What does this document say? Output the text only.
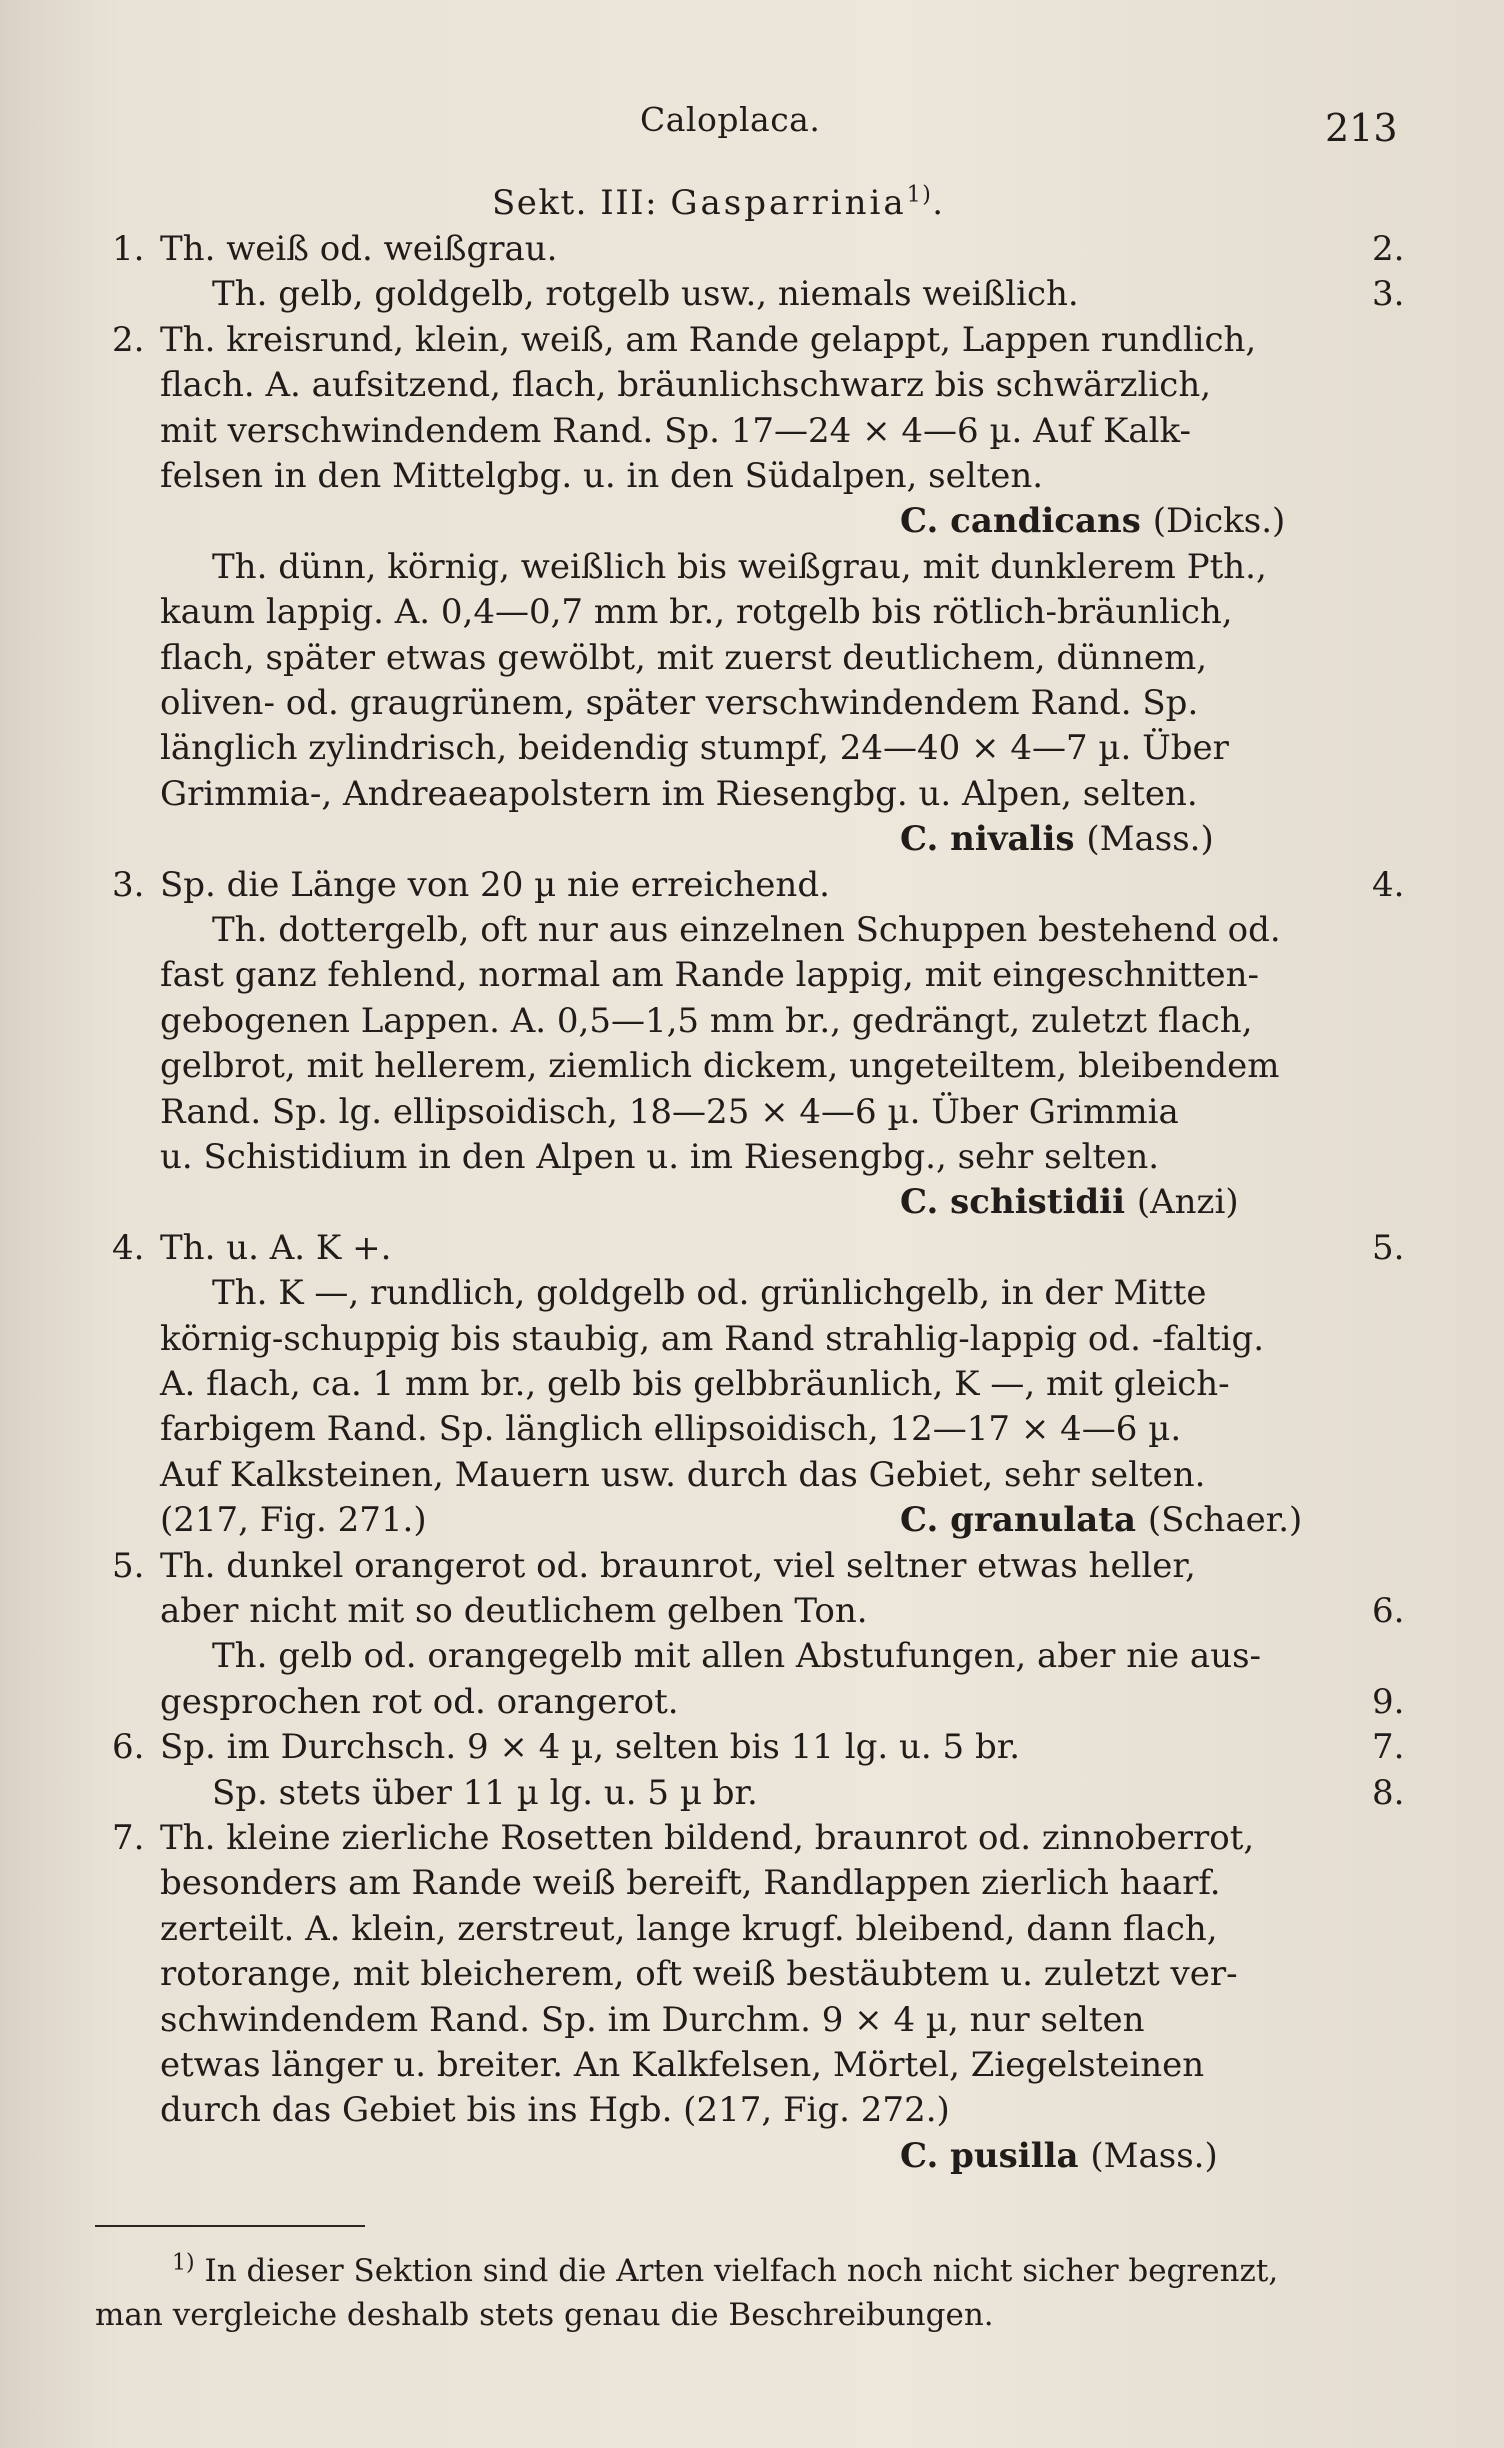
Caloplaca.	213
Sekt. III: Gasparrinia$^{1)}$.
1. Th. weiß od. weißgrau.	2.
Th. gelb, goldgelb, rotgelb usw., niemals weißlich.	3.
2. Th. kreisrund, klein, weiß, am Rande gelappt, Lappen rundlich,
flach. A. aufsitzend, flach, bräunlichschwarz bis schwärzlich,
mit verschwindendem Rand. Sp. 17—24 × 4—6 µ. Auf Kalk-
felsen in den Mittelgbg. u. in den Südalpen, selten.
C. candicans (Dicks.)
Th. dünn, körnig, weißlich bis weißgrau, mit dunklerem Pth.,
kaum lappig. A. 0,4—0,7 mm br., rotgelb bis rötlich-bräunlich,
flach, später etwas gewölbt, mit zuerst deutlichem, dünnem,
oliven- od. graugrünem, später verschwindendem Rand. Sp.
länglich zylindrisch, beidendig stumpf, 24—40 × 4—7 µ. Über
Grimmia-, Andreaeapolstern im Riesengbg. u. Alpen, selten.
C. nivalis (Mass.)
3. Sp. die Länge von 20 µ nie erreichend.	4.
Th. dottergelb, oft nur aus einzelnen Schuppen bestehend od.
fast ganz fehlend, normal am Rande lappig, mit eingeschnitten-
gebogenen Lappen. A. 0,5—1,5 mm br., gedrängt, zuletzt flach,
gelbrot, mit hellerem, ziemlich dickem, ungeteiltem, bleibendem
Rand. Sp. lg. ellipsoidisch, 18—25 × 4—6 µ. Über Grimmia
u. Schistidium in den Alpen u. im Riesengbg., sehr selten.
C. schistidii (Anzi)
4. Th. u. A. K +.	5.
Th. K —, rundlich, goldgelb od. grünlichgelb, in der Mitte
körnig-schuppig bis staubig, am Rand strahlig-lappig od. -faltig.
A. flach, ca. 1 mm br., gelb bis gelbbräunlich, K —, mit gleich-
farbigem Rand. Sp. länglich ellipsoidisch, 12—17 × 4—6 µ.
Auf Kalksteinen, Mauern usw. durch das Gebiet, sehr selten.
(217, Fig. 271.)	C. granulata (Schaer.)
5. Th. dunkel orangerot od. braunrot, viel seltner etwas heller,
aber nicht mit so deutlichem gelben Ton.	6.
Th. gelb od. orangegelb mit allen Abstufungen, aber nie aus-
gesprochen rot od. orangerot.	9.
6. Sp. im Durchsch. 9 × 4 µ, selten bis 11 lg. u. 5 br.	7.
Sp. stets über 11 µ lg. u. 5 µ br.	8.
7. Th. kleine zierliche Rosetten bildend, braunrot od. zinnoberrot,
besonders am Rande weiß bereift, Randlappen zierlich haarf.
zerteilt. A. klein, zerstreut, lange krugf. bleibend, dann flach,
rotorange, mit bleicherem, oft weiß bestäubtem u. zuletzt ver-
schwindendem Rand. Sp. im Durchm. 9 × 4 µ, nur selten
etwas länger u. breiter. An Kalkfelsen, Mörtel, Ziegelsteinen
durch das Gebiet bis ins Hgb. (217, Fig. 272.)
C. pusilla (Mass.)
$^{1)}$ In dieser Sektion sind die Arten vielfach noch nicht sicher begrenzt,
man vergleiche deshalb stets genau die Beschreibungen.
